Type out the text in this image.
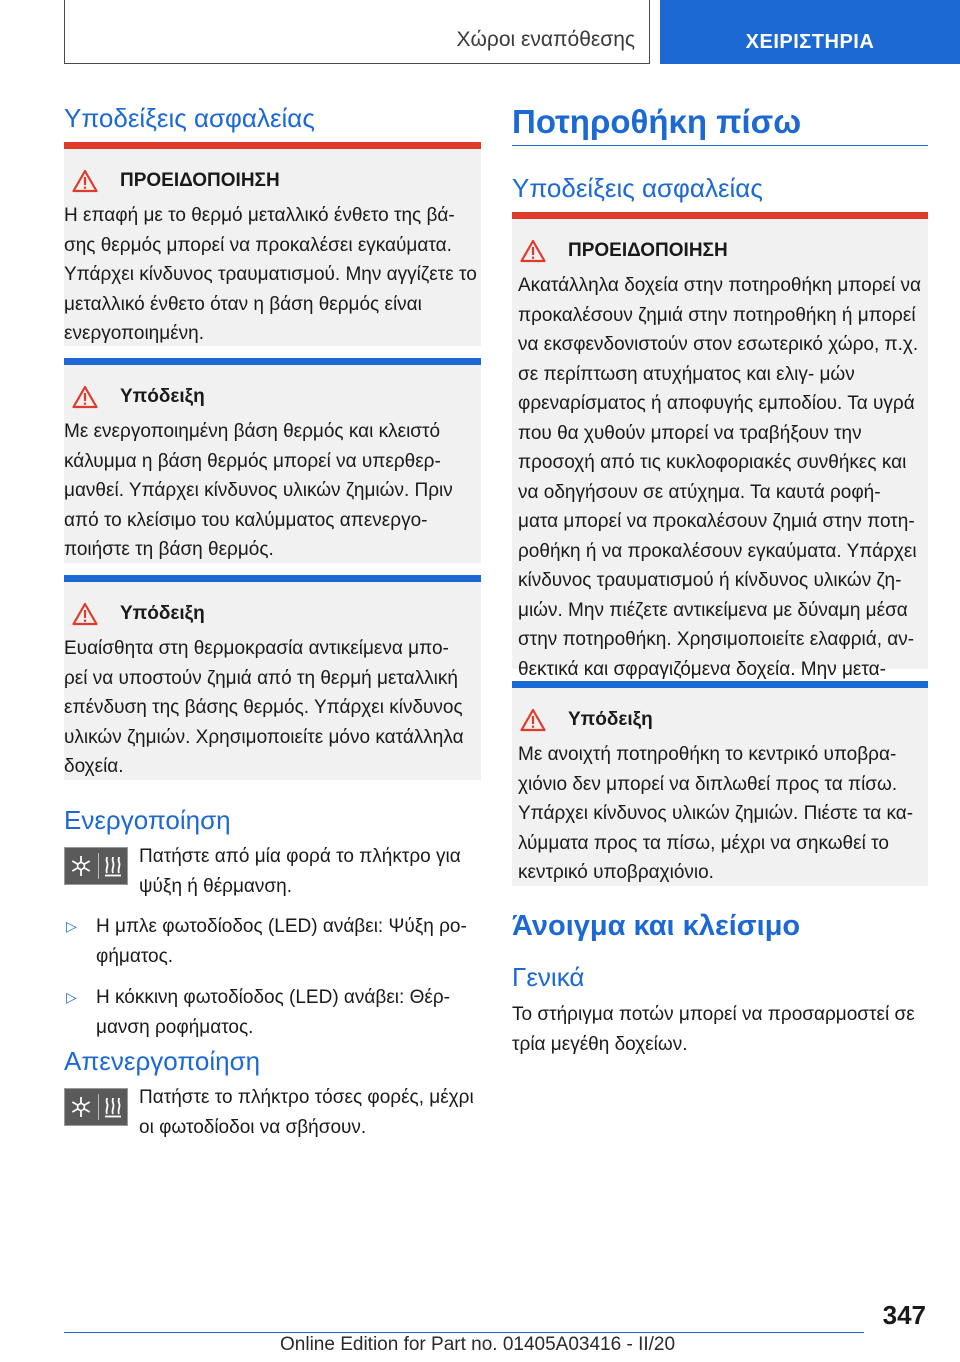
Χώροι εναπόθεσης	ΧΕΙΡΙΣΤΗΡΙΑ
Υποδείξεις ασφαλείας
ΠΡΟΕΙΔΟΠΟΙΗΣΗ
Η επαφή με το θερμό μεταλλικό ένθετο της βά- σης θερμός μπορεί να προκαλέσει εγκαύματα. Υπάρχει κίνδυνος τραυματισμού. Μην αγγίζετε το μεταλλικό ένθετο όταν η βάση θερμός είναι ενεργοποιημένη.
Υπόδειξη
Με ενεργοποιημένη βάση θερμός και κλειστό κάλυμμα η βάση θερμός μπορεί να υπερθερ- μανθεί. Υπάρχει κίνδυνος υλικών ζημιών. Πριν από το κλείσιμο του καλύμματος απενεργο- ποιήστε τη βάση θερμός.
Υπόδειξη
Ευαίσθητα στη θερμοκρασία αντικείμενα μπο- ρεί να υποστούν ζημιά από τη θερμή μεταλλική επένδυση της βάσης θερμός. Υπάρχει κίνδυνος υλικών ζημιών. Χρησιμοποιείτε μόνο κατάλληλα δοχεία.
Ενεργοποίηση
Πατήστε από μία φορά το πλήκτρο για ψύξη ή θέρμανση.
▷	Η μπλε φωτοδίοδος (LED) ανάβει: Ψύξη ρο- φήματος.
▷	Η κόκκινη φωτοδίοδος (LED) ανάβει: Θέρ- μανση ροφήματος.
Απενεργοποίηση
Πατήστε το πλήκτρο τόσες φορές, μέχρι οι φωτοδίοδοι να σβήσουν.
Ποτηροθήκη πίσω
Υποδείξεις ασφαλείας
ΠΡΟΕΙΔΟΠΟΙΗΣΗ
Ακατάλληλα δοχεία στην ποτηροθήκη μπορεί να προκαλέσουν ζημιά στην ποτηροθήκη ή μπορεί να εκσφενδονιστούν στον εσωτερικό χώρο, π.χ. σε περίπτωση ατυχήματος και ελιγ- μών φρεναρίσματος ή αποφυγής εμποδίου. Τα υγρά που θα χυθούν μπορεί να τραβήξουν την προσοχή από τις κυκλοφοριακές συνθήκες και να οδηγήσουν σε ατύχημα. Τα καυτά ροφή- ματα μπορεί να προκαλέσουν ζημιά στην ποτη- ροθήκη ή να προκαλέσουν εγκαύματα. Υπάρχει κίνδυνος τραυματισμού ή κίνδυνος υλικών ζη- μιών. Μην πιέζετε αντικείμενα με δύναμη μέσα στην ποτηροθήκη. Χρησιμοποιείτε ελαφριά, αν- θεκτικά και σφραγιζόμενα δοχεία. Μην μετα-
Υπόδειξη
Με ανοιχτή ποτηροθήκη το κεντρικό υποβρα- χιόνιο δεν μπορεί να διπλωθεί προς τα πίσω. Υπάρχει κίνδυνος υλικών ζημιών. Πιέστε τα κα- λύμματα προς τα πίσω, μέχρι να σηκωθεί το κεντρικό υποβραχιόνιο.
Άνοιγμα και κλείσιμο
Γενικά

Το στήριγμα ποτών μπορεί να προσαρμοστεί σε τρία μεγέθη δοχείων.

347
Online Edition for Part no. 01405A03416 - II/20
